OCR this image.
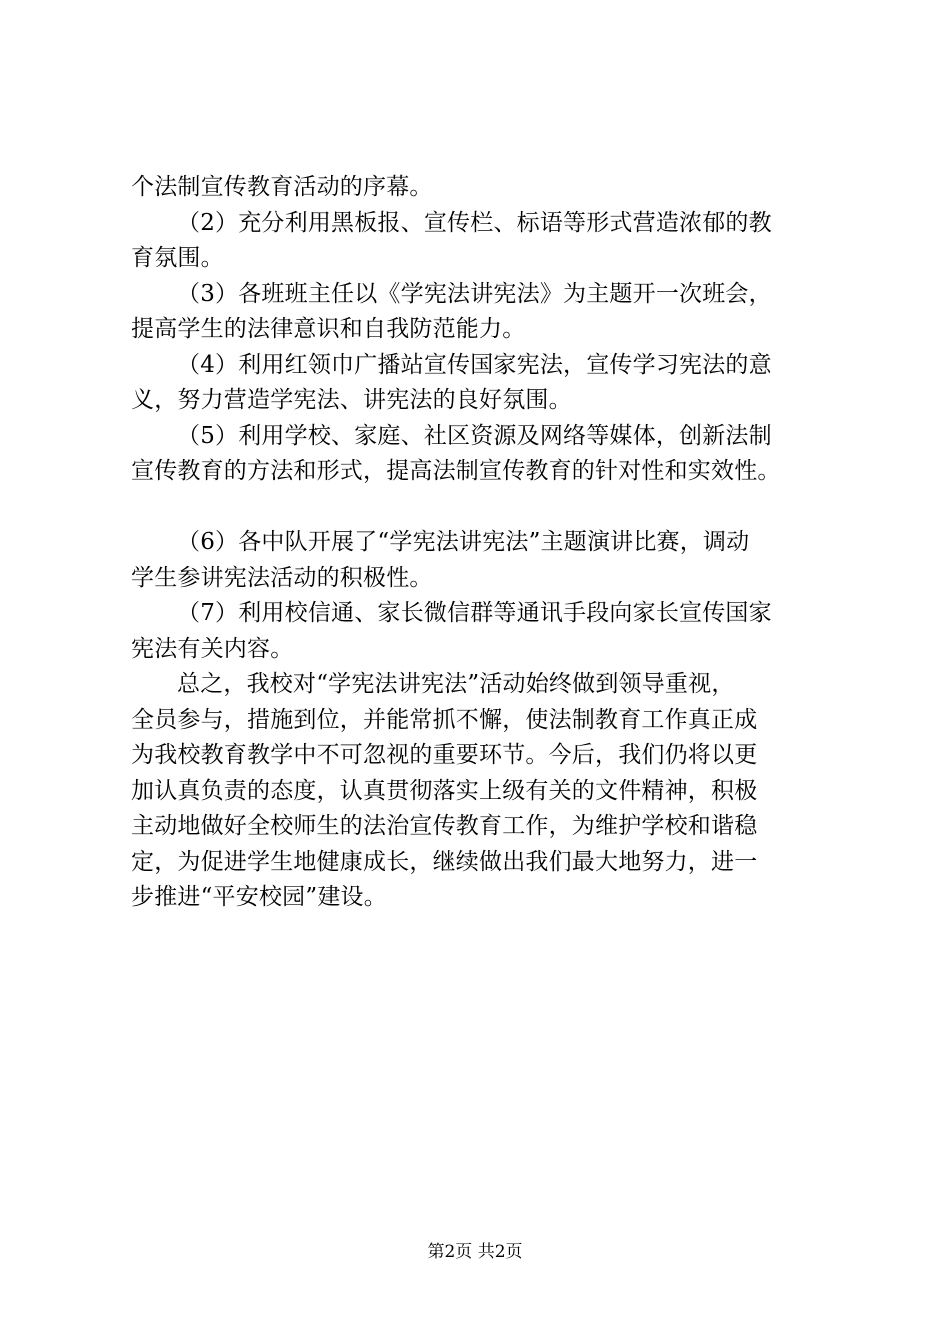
个法制宣传教育活动的序幕。
（2）充分利用黑板报、宣传栏、标语等形式营造浓郁的教
育氛围。
（3）各班班主任以《学宪法讲宪法》为主题开一次班会，
提高学生的法律意识和自我防范能力。
（4）利用红领巾广播站宣传国家宪法，宣传学习宪法的意
义，努力营造学宪法、讲宪法的良好氛围。
（5）利用学校、家庭、社区资源及网络等媒体，创新法制
宣传教育的方法和形式，提高法制宣传教育的针对性和实效性。
（6）各中队开展了“学宪法讲宪法”主题演讲比赛，调动
学生参讲宪法活动的积极性。
（7）利用校信通、家长微信群等通讯手段向家长宣传国家
宪法有关内容。
总之，我校对“学宪法讲宪法”活动始终做到领导重视，
全员参与，措施到位，并能常抓不懈，使法制教育工作真正成
为我校教育教学中不可忽视的重要环节。今后，我们仍将以更
加认真负责的态度，认真贯彻落实上级有关的文件精神，积极
主动地做好全校师生的法治宣传教育工作，为维护学校和谐稳
定，为促进学生地健康成长，继续做出我们最大地努力，进一
步推进“平安校园”建设。
第2页 共2页
